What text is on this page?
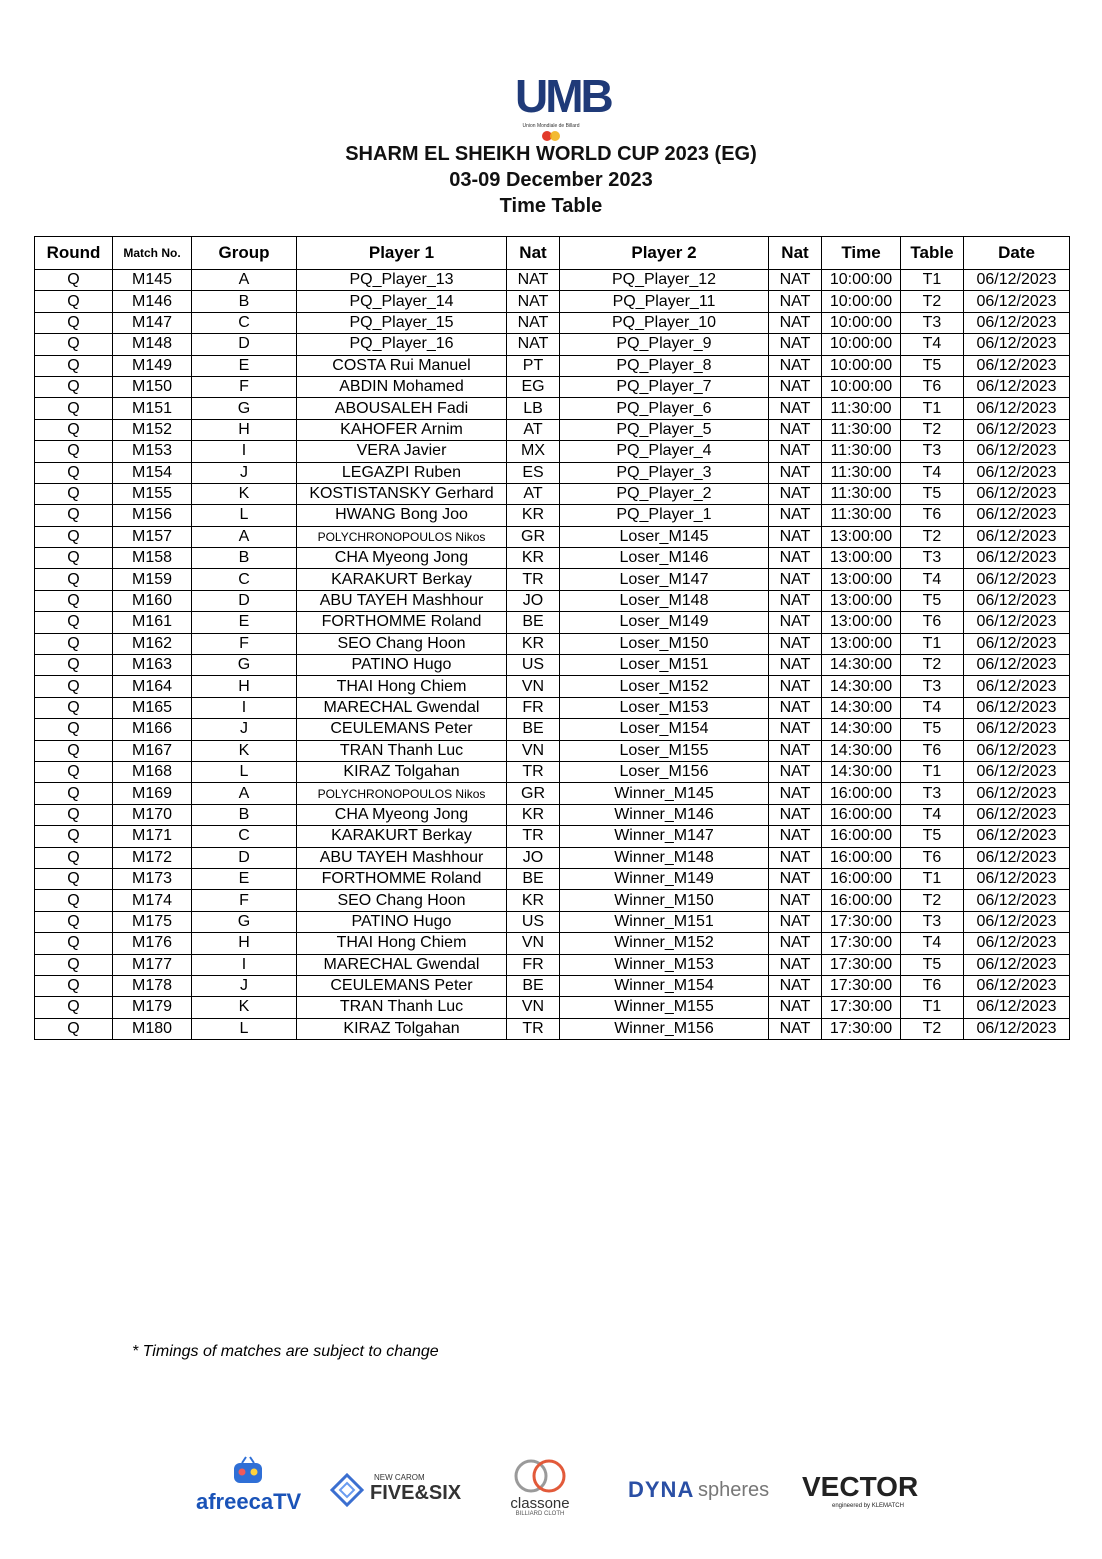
UMB
Union Mondiale de Billard
SHARM EL SHEIKH WORLD CUP 2023 (EG)
03-09 December 2023
Time Table
Round	Match No.	Group	Player 1	Nat	Player 2	Nat	Time	Table	Date
Q	M145	A	PQ_Player_13	NAT	PQ_Player_12	NAT	10:00:00	T1	06/12/2023
Q	M146	B	PQ_Player_14	NAT	PQ_Player_11	NAT	10:00:00	T2	06/12/2023
Q	M147	C	PQ_Player_15	NAT	PQ_Player_10	NAT	10:00:00	T3	06/12/2023
Q	M148	D	PQ_Player_16	NAT	PQ_Player_9	NAT	10:00:00	T4	06/12/2023
Q	M149	E	COSTA Rui Manuel	PT	PQ_Player_8	NAT	10:00:00	T5	06/12/2023
Q	M150	F	ABDIN Mohamed	EG	PQ_Player_7	NAT	10:00:00	T6	06/12/2023
Q	M151	G	ABOUSALEH Fadi	LB	PQ_Player_6	NAT	11:30:00	T1	06/12/2023
Q	M152	H	KAHOFER Arnim	AT	PQ_Player_5	NAT	11:30:00	T2	06/12/2023
Q	M153	I	VERA Javier	MX	PQ_Player_4	NAT	11:30:00	T3	06/12/2023
Q	M154	J	LEGAZPI Ruben	ES	PQ_Player_3	NAT	11:30:00	T4	06/12/2023
Q	M155	K	KOSTISTANSKY Gerhard	AT	PQ_Player_2	NAT	11:30:00	T5	06/12/2023
Q	M156	L	HWANG Bong Joo	KR	PQ_Player_1	NAT	11:30:00	T6	06/12/2023
Q	M157	A	POLYCHRONOPOULOS Nikos	GR	Loser_M145	NAT	13:00:00	T2	06/12/2023
Q	M158	B	CHA Myeong Jong	KR	Loser_M146	NAT	13:00:00	T3	06/12/2023
Q	M159	C	KARAKURT Berkay	TR	Loser_M147	NAT	13:00:00	T4	06/12/2023
Q	M160	D	ABU TAYEH Mashhour	JO	Loser_M148	NAT	13:00:00	T5	06/12/2023
Q	M161	E	FORTHOMME Roland	BE	Loser_M149	NAT	13:00:00	T6	06/12/2023
Q	M162	F	SEO Chang Hoon	KR	Loser_M150	NAT	13:00:00	T1	06/12/2023
Q	M163	G	PATINO Hugo	US	Loser_M151	NAT	14:30:00	T2	06/12/2023
Q	M164	H	THAI Hong Chiem	VN	Loser_M152	NAT	14:30:00	T3	06/12/2023
Q	M165	I	MARECHAL Gwendal	FR	Loser_M153	NAT	14:30:00	T4	06/12/2023
Q	M166	J	CEULEMANS Peter	BE	Loser_M154	NAT	14:30:00	T5	06/12/2023
Q	M167	K	TRAN Thanh Luc	VN	Loser_M155	NAT	14:30:00	T6	06/12/2023
Q	M168	L	KIRAZ Tolgahan	TR	Loser_M156	NAT	14:30:00	T1	06/12/2023
Q	M169	A	POLYCHRONOPOULOS Nikos	GR	Winner_M145	NAT	16:00:00	T3	06/12/2023
Q	M170	B	CHA Myeong Jong	KR	Winner_M146	NAT	16:00:00	T4	06/12/2023
Q	M171	C	KARAKURT Berkay	TR	Winner_M147	NAT	16:00:00	T5	06/12/2023
Q	M172	D	ABU TAYEH Mashhour	JO	Winner_M148	NAT	16:00:00	T6	06/12/2023
Q	M173	E	FORTHOMME Roland	BE	Winner_M149	NAT	16:00:00	T1	06/12/2023
Q	M174	F	SEO Chang Hoon	KR	Winner_M150	NAT	16:00:00	T2	06/12/2023
Q	M175	G	PATINO Hugo	US	Winner_M151	NAT	17:30:00	T3	06/12/2023
Q	M176	H	THAI Hong Chiem	VN	Winner_M152	NAT	17:30:00	T4	06/12/2023
Q	M177	I	MARECHAL Gwendal	FR	Winner_M153	NAT	17:30:00	T5	06/12/2023
Q	M178	J	CEULEMANS Peter	BE	Winner_M154	NAT	17:30:00	T6	06/12/2023
Q	M179	K	TRAN Thanh Luc	VN	Winner_M155	NAT	17:30:00	T1	06/12/2023
Q	M180	L	KIRAZ Tolgahan	TR	Winner_M156	NAT	17:30:00	T2	06/12/2023
* Timings of matches are subject to change
afreecaTV
NEW CAROM
FIVE&SIX	classone
BILLIARD CLOTH
DYNA spheres VECTOR
engineered by KLEMATCH
